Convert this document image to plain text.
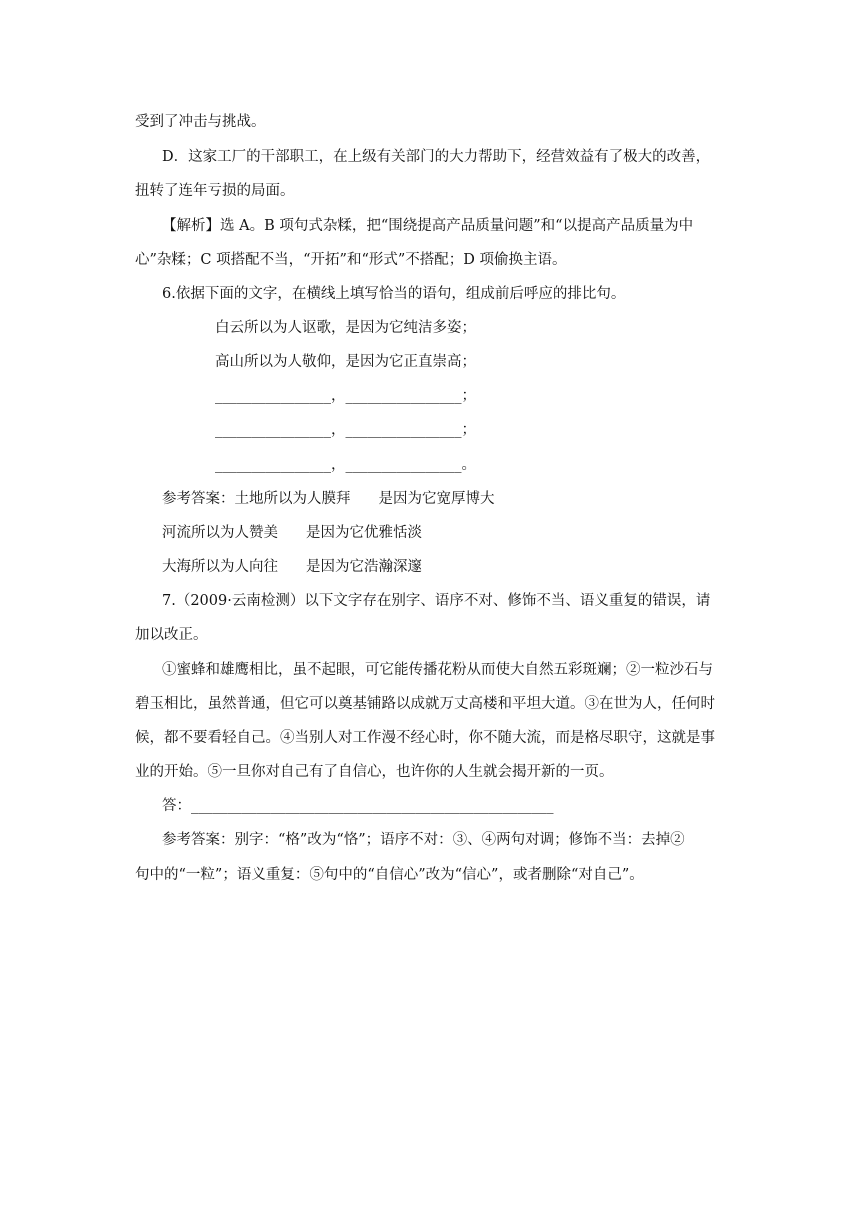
受到了冲击与挑战。
D．这家工厂的干部职工，在上级有关部门的大力帮助下，经营效益有了极大的改善，
扭转了连年亏损的局面。
【解析】选 A。B 项句式杂糅，把“围绕提高产品质量问题”和“以提高产品质量为中
心”杂糅；C 项搭配不当，“开拓”和“形式”不搭配；D 项偷换主语。
6.依据下面的文字，在横线上填写恰当的语句，组成前后呼应的排比句。
白云所以为人讴歌，是因为它纯洁多姿；
高山所以为人敬仰，是因为它正直崇高；
________________，________________；
________________，________________；
________________，________________。
参考答案：土地所以为人膜拜 是因为它宽厚博大
河流所以为人赞美 是因为它优雅恬淡
大海所以为人向往 是因为它浩瀚深邃
7.（2009·云南检测）以下文字存在别字、语序不对、修饰不当、语义重复的错误，请
加以改正。
①蜜蜂和雄鹰相比，虽不起眼，可它能传播花粉从而使大自然五彩斑斓；②一粒沙石与
碧玉相比，虽然普通，但它可以奠基铺路以成就万丈高楼和平坦大道。③在世为人，任何时
候，都不要看轻自己。④当别人对工作漫不经心时，你不随大流，而是格尽职守，这就是事
业的开始。⑤一旦你对自己有了自信心，也许你的人生就会揭开新的一页。
答：__________________________________________________
参考答案：别字：“格”改为“恪”；语序不对：③、④两句对调；修饰不当：去掉②
句中的“一粒”；语义重复：⑤句中的“自信心”改为“信心”，或者删除“对自己”。
